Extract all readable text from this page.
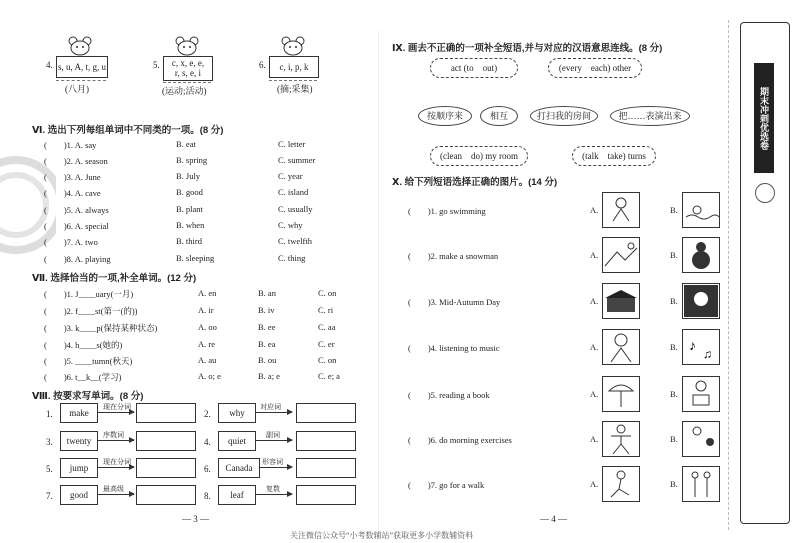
4. s, u, A, t, g, u
(八月)
5.	c, x, e, e,
r, s, e, i
(运动;活动)
6.	c, i, p, k
(摘;采集)
Ⅵ. 选出下列每组单词中不同类的一项。(8 分)
(　　)1. A. say	B. eat	C. letter
(　　)2. A. season	B. spring	C. summer
(　　)3. A. June	B. July	C. year
(　　)4. A. cave	B. good	C. island
(　　)5. A. always	B. plant	C. usually
(　　)6. A. special	B. when	C. why
(　　)7. A. two	B. third	C. twelfth
(　　)8. A. playing	B. sleeping	C. thing
Ⅶ. 选择恰当的一项,补全单词。(12 分)
(　　)1. J____uary(一月)	A. en	B. an	C. on
(　　)2. f____st(第一(的))	A. ir	B. iv	C. ri
(　　)3. k____p(保持某种状态)	A. oo	B. ee	C. aa
(　　)4. h____s(她的)	A. re	B. ea	C. er
(　　)5. ____tumn(秋天)	A. au	B. ou	C. on
(　　)6. t__k__(学习)	A. o; e	B. a; e	C. e; a
Ⅷ. 按要求写单词。(8 分)
1.	make
现在分词
3.	twenty
序数词
5.	jump
现在分词
7.	good
最高级
2.	why
对应词
4.	quiet
副词
6.	Canada
形容词
8.	leaf
复数
— 3 —
Ⅸ. 画去不正确的一项补全短语,并与对应的汉语意思连线。(8 分)
act (to　out)	(every　each) other
按顺序来	相互	打扫我的房间	把……表演出来
(clean　do) my room	(talk　take) turns
Ⅹ. 给下列短语选择正确的图片。(14 分)
(　　)1. go swimming	A.	B.
(　　)2. make a snowman	A.	B.
(　　)3. Mid-Autumn Day	A.	B.
(　　)4. listening to music	A.	B. ♪ ♫
(　　)5. reading a book	A.	B.
(　　)6. do morning exercises	A.	B.
(　　)7. go for a walk	A.	B.
— 4 —
期末冲刺优选卷
关注微信公众号“小考数辅站”获取更多小学数辅资料
